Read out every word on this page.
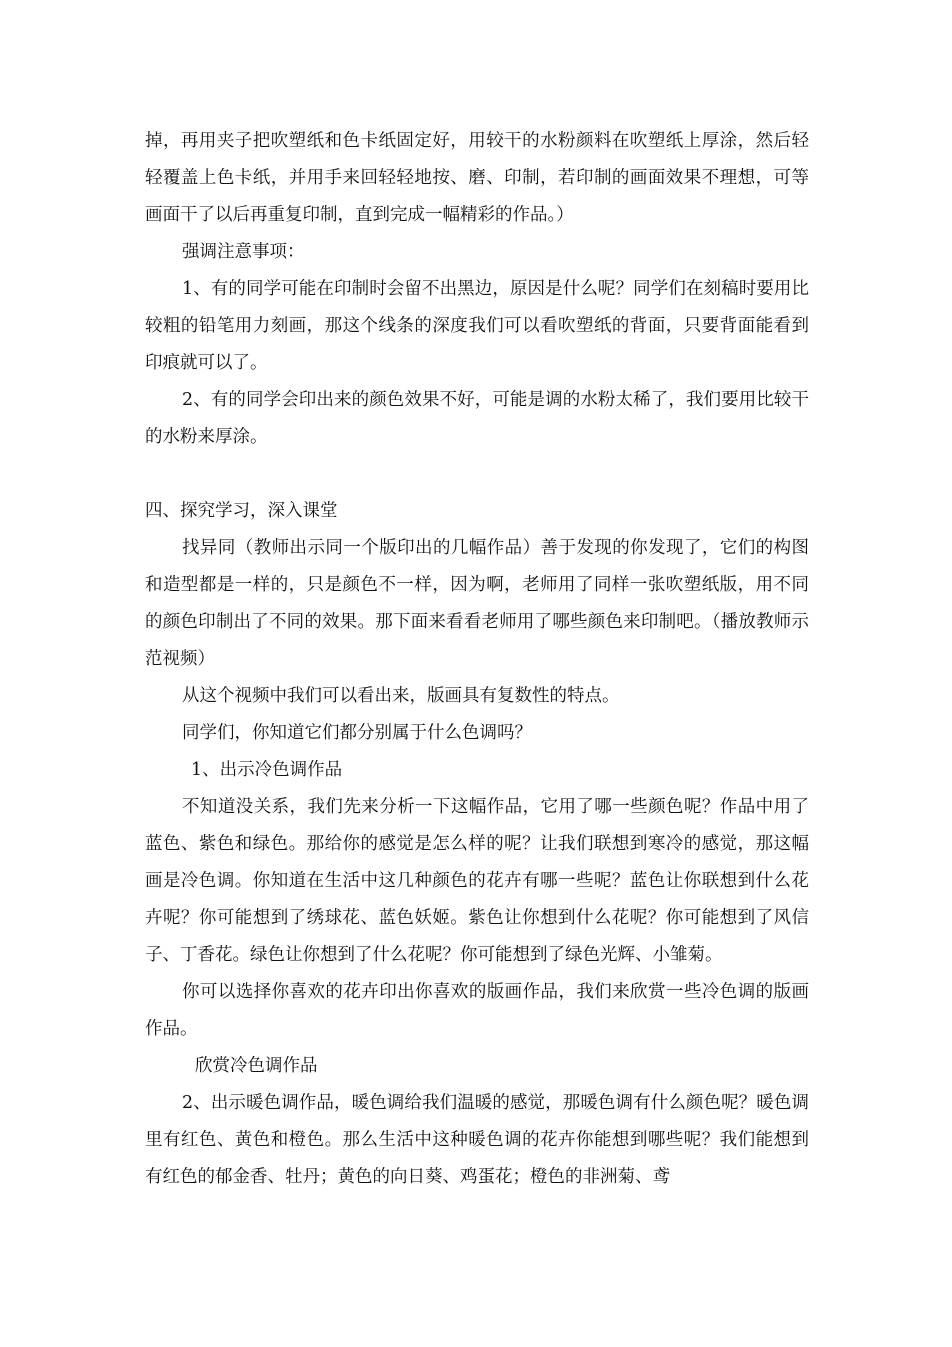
掉，再用夹子把吹塑纸和色卡纸固定好，用较干的水粉颜料在吹塑纸上厚涂，然后轻轻覆盖上色卡纸，并用手来回轻轻地按、磨、印制，若印制的画面效果不理想，可等画面干了以后再重复印制，直到完成一幅精彩的作品。）

强调注意事项：

1、有的同学可能在印制时会留不出黑边，原因是什么呢？同学们在刻稿时要用比较粗的铅笔用力刻画，那这个线条的深度我们可以看吹塑纸的背面，只要背面能看到印痕就可以了。

2、有的同学会印出来的颜色效果不好，可能是调的水粉太稀了，我们要用比较干的水粉来厚涂。

四、探究学习，深入课堂

找异同（教师出示同一个版印出的几幅作品）善于发现的你发现了，它们的构图和造型都是一样的，只是颜色不一样，因为啊，老师用了同样一张吹塑纸版，用不同的颜色印制出了不同的效果。那下面来看看老师用了哪些颜色来印制吧。（播放教师示范视频）

从这个视频中我们可以看出来，版画具有复数性的特点。

同学们，你知道它们都分别属于什么色调吗？

1、出示冷色调作品

不知道没关系，我们先来分析一下这幅作品，它用了哪一些颜色呢？作品中用了蓝色、紫色和绿色。那给你的感觉是怎么样的呢？让我们联想到寒冷的感觉，那这幅画是冷色调。你知道在生活中这几种颜色的花卉有哪一些呢？蓝色让你联想到什么花卉呢？你可能想到了绣球花、蓝色妖姬。紫色让你想到什么花呢？你可能想到了风信子、丁香花。绿色让你想到了什么花呢？你可能想到了绿色光辉、小雏菊。

你可以选择你喜欢的花卉印出你喜欢的版画作品，我们来欣赏一些冷色调的版画作品。

欣赏冷色调作品

2、出示暖色调作品，暖色调给我们温暖的感觉，那暖色调有什么颜色呢？暖色调里有红色、黄色和橙色。那么生活中这种暖色调的花卉你能想到哪些呢？我们能想到有红色的郁金香、牡丹；黄色的向日葵、鸡蛋花；橙色的非洲菊、鸢
